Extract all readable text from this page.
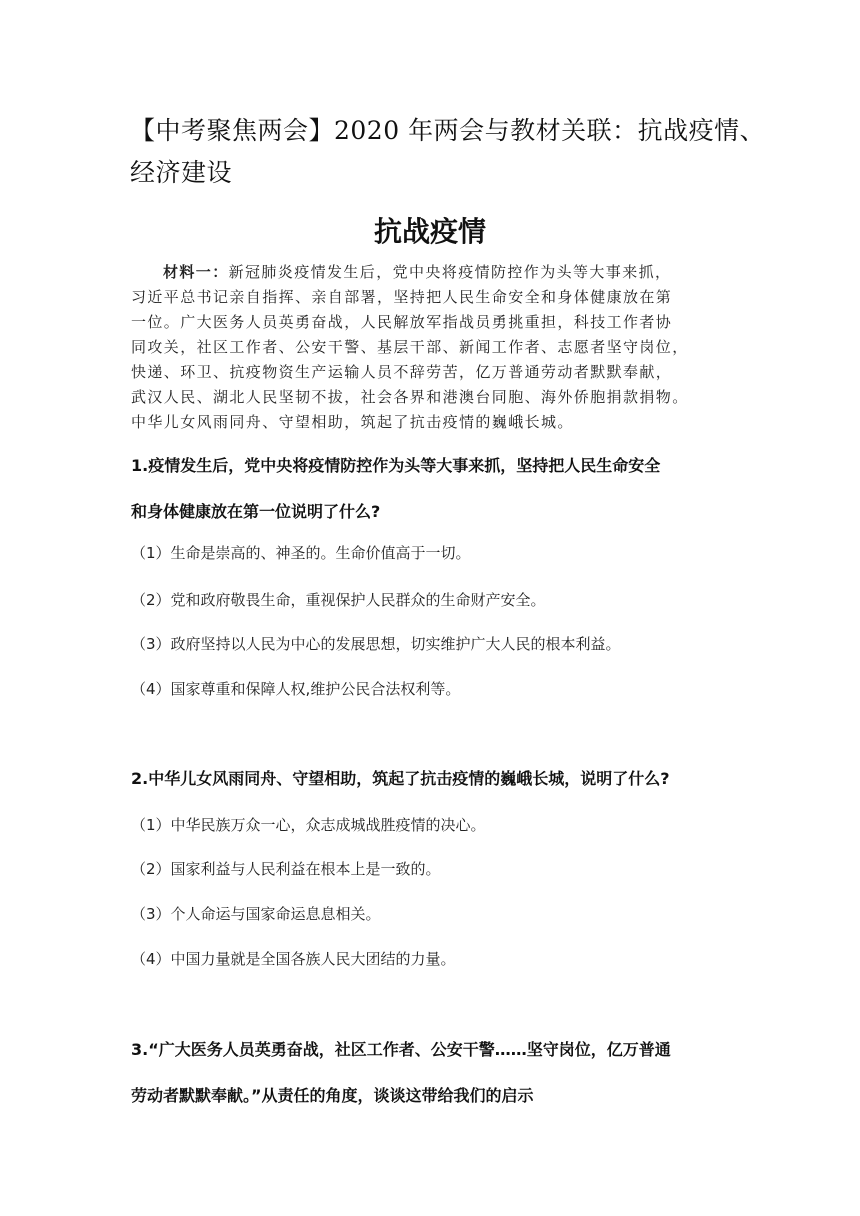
【中考聚焦两会】2020 年两会与教材关联：抗战疫情、
经济建设
抗战疫情
材料一：新冠肺炎疫情发生后，党中央将疫情防控作为头等大事来抓，
习近平总书记亲自指挥、亲自部署，坚持把人民生命安全和身体健康放在第
一位。广大医务人员英勇奋战，人民解放军指战员勇挑重担，科技工作者协
同攻关，社区工作者、公安干警、基层干部、新闻工作者、志愿者坚守岗位，
快递、环卫、抗疫物资生产运输人员不辞劳苦，亿万普通劳动者默默奉献，
武汉人民、湖北人民坚韧不拔，社会各界和港澳台同胞、海外侨胞捐款捐物。
中华儿女风雨同舟、守望相助，筑起了抗击疫情的巍峨长城。
1.疫情发生后，党中央将疫情防控作为头等大事来抓，坚持把人民生命安全
和身体健康放在第一位说明了什么?
（1）生命是崇高的、神圣的。生命价值高于一切。
（2）党和政府敬畏生命，重视保护人民群众的生命财产安全。
（3）政府坚持以人民为中心的发展思想，切实维护广大人民的根本利益。
（4）国家尊重和保障人权,维护公民合法权利等。
2.中华儿女风雨同舟、守望相助，筑起了抗击疫情的巍峨长城，说明了什么?
（1）中华民族万众一心，众志成城战胜疫情的决心。
（2）国家利益与人民利益在根本上是一致的。
（3）个人命运与国家命运息息相关。
（4）中国力量就是全国各族人民大团结的力量。
3.“广大医务人员英勇奋战，社区工作者、公安干警……坚守岗位，亿万普通
劳动者默默奉献。”从责任的角度，谈谈这带给我们的启示
